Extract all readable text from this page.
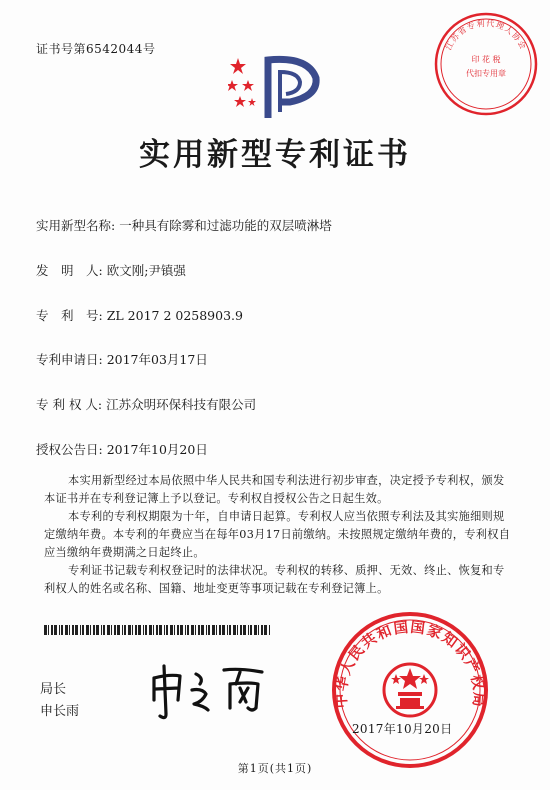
证书号第6542044号	江苏省专利代理人协会
印 花 税
代扣专用章
实用新型专利证书
实用新型名称: 一种具有除雾和过滤功能的双层喷淋塔
发　明　人: 欧文刚;尹镇强
专　利　号: ZL 2017 2 0258903.9
专利申请日: 2017年03月17日
专 利 权 人: 江苏众明环保科技有限公司
授权公告日: 2017年10月20日
本实用新型经过本局依照中华人民共和国专利法进行初步审查，决定授予专利权，颁发本证书并在专利登记簿上予以登记。专利权自授权公告之日起生效。
本专利的专利权期限为十年，自申请日起算。专利权人应当依照专利法及其实施细则规定缴纳年费。本专利的年费应当在每年03月17日前缴纳。未按照规定缴纳年费的，专利权自应当缴纳年费期满之日起终止。
专利证书记载专利权登记时的法律状况。专利权的转移、质押、无效、终止、恢复和专利权人的姓名或名称、国籍、地址变更等事项记载在专利登记簿上。
局长
申长雨
中华人民共和国国家知识产权局
2017年10月20日
第1页(共1页)
